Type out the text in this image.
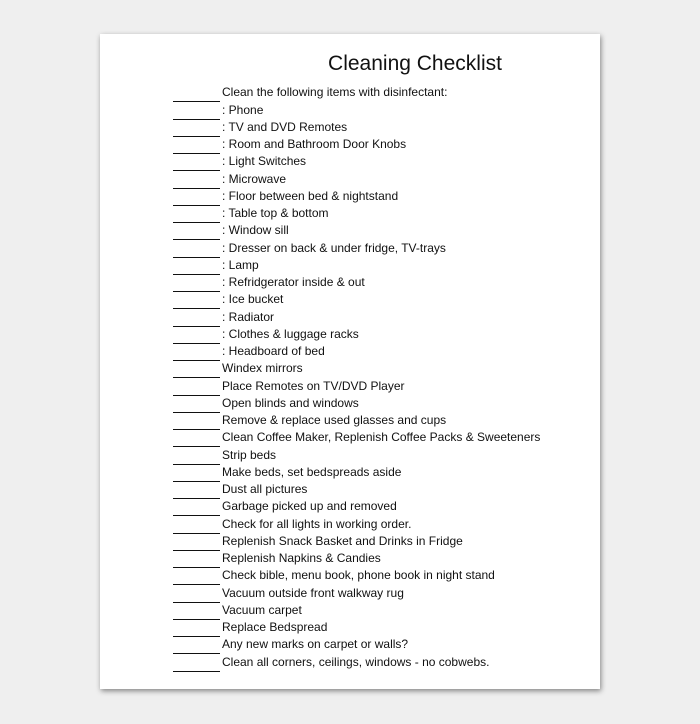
Cleaning Checklist
Clean the following items with disinfectant:
: Phone
: TV and DVD Remotes
: Room and Bathroom Door Knobs
: Light Switches
: Microwave
: Floor between bed & nightstand
: Table top & bottom
: Window sill
: Dresser on back & under fridge, TV-trays
: Lamp
: Refridgerator inside & out
: Ice bucket
: Radiator
: Clothes & luggage racks
: Headboard of bed
Windex mirrors
Place Remotes on TV/DVD Player
Open blinds and windows
Remove & replace used glasses and cups
Clean Coffee Maker, Replenish Coffee Packs & Sweeteners
Strip beds
Make beds, set bedspreads aside
Dust all pictures
Garbage picked up and removed
Check for all lights in working order.
Replenish Snack Basket and Drinks in Fridge
Replenish Napkins & Candies
Check bible, menu book, phone book in night stand
Vacuum outside front walkway rug
Vacuum carpet
Replace Bedspread
Any new marks on carpet or walls?
Clean all corners, ceilings, windows - no cobwebs.
